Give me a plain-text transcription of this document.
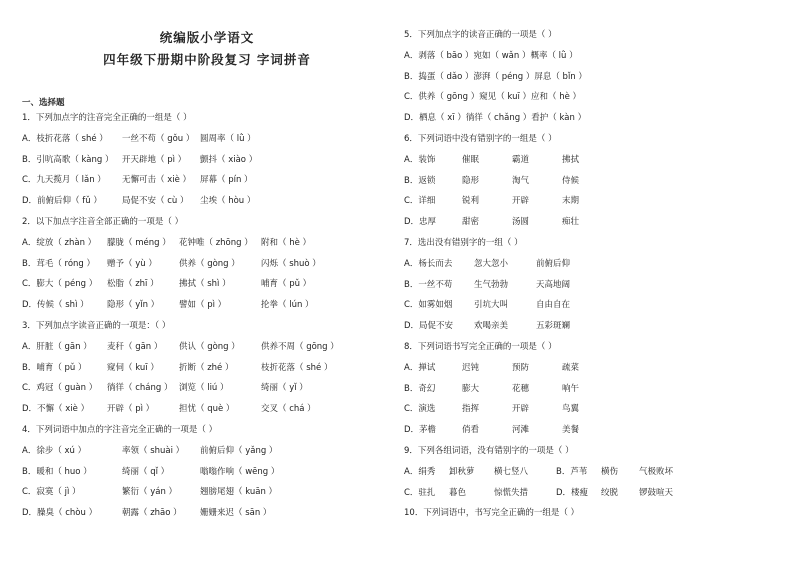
统编版小学语文
四年级下册期中阶段复习 字词拼音
一、选择题
1．下列加点字的注音完全正确的一组是（ ）
A．枝折花落（ shé ） 一丝不苟（ gǒu ） 圆周率（ lǜ ）
B．引吭高歌（ kàng ） 开天辟地（ pì ） 颤抖（ xiào ）
C．九天揽月（ lǎn ） 无懈可击（ xiè ） 屏幕（ pín ）
D．前俯后仰（ fǔ ） 局促不安（ cù ） 尘埃（ hòu ）
2．以下加点字注音全部正确的一项是（ ）
A．绽放（ zhàn ） 朦胧（ méng ） 花钟唯（ zhōng ） 附和（ hè ）
B．茸毛（ róng ） 赠予（ yù ）	供养（ gòng ） 闪烁（ shuò ）
C．膨大（ péng ） 松脂（ zhī ） 拂拭（ shì ）	哺育（ pǔ ）
D．传候（ shì ） 隐形（ yǐn ） 譬如（ pì ）	抡拳（ lún ）
3．下列加点字读音正确的一项是：（ ）
A．肝脏（ gān ） 麦秆（ gān ） 供认（ gòng ） 供养不周（ gōng ）
B．哺育（ pǔ ） 窥伺（ kuī ） 折断（ zhé ）	枝折花落（ shé ）
C．鸡冠（ guàn ） 徜徉（ cháng ） 浏览（ liú ）	绮丽（ yǐ ）
D．不懈（ xiè ） 开辟（ pì ）	担忧（ què ）	交叉（ chá ）
4．下列词语中加点的字注音完全正确的一项是（ ）
A．徐步（ xú ）	率领（ shuài ） 前俯后仰（ yǎng ）
B．暖和（ huo ）	绮丽（ qǐ ）	嗡嗡作响（ wēng ）
C．寂寞（ jì ）	繁衍（ yán ）	翘膀尾翅（ kuān ）
D．臊臭（ chòu ）	朝露（ zhāo ） 姗姗来迟（ sān ）
5．下列加点字的读音正确的一项是（ ）
A．剥落（ bāo ）宛如（ wǎn ）概率（ lǜ ）
B．捣蛋（ dǎo ）澎湃（ péng ）屏息（ bǐn ）
C．供养（ gōng ）窥见（ kuī ）应和（ hè ）
D．栖息（ xī ）徜徉（ chǎng ）看护（ kàn ）
6．下列词语中没有错别字的一组是（ ）
A．装饰	催眠	霸道	拂拭
B．返锁	隐形	淘气	侍候
C．详细	锐利	开辟	末期
D．忠厚	甜密	汤圆	痴壮
7．选出没有错别字的一组（ ）
A．杨长而去	忽大忽小	前俯后仰
B．一丝不苟	生气勃勃	天高地阔
C．如雾如烟	引坑大叫	自由自在
D．局促不安 欢喝亲美	五彩斑斓
8．下列词语书写完全正确的一项是（ ）
A．掸试	迟钝	预防	疏菜
B．奇幻	膨大	花穗	响午
C．演选	指挥	开辟	鸟翼
D．茅檐	俏看	河滩	美餐
9．下列各组词语，没有错别字的一项是（ ）
A．绢秀 卸秋萝 横七竖八	B．芦苇 横伤 气极败坏
C．驻扎 暮色	惊慌失措	D．楼瘦 绞脱 锣鼓喧天
10．下列词语中，书写完全正确的一组是（ ）
